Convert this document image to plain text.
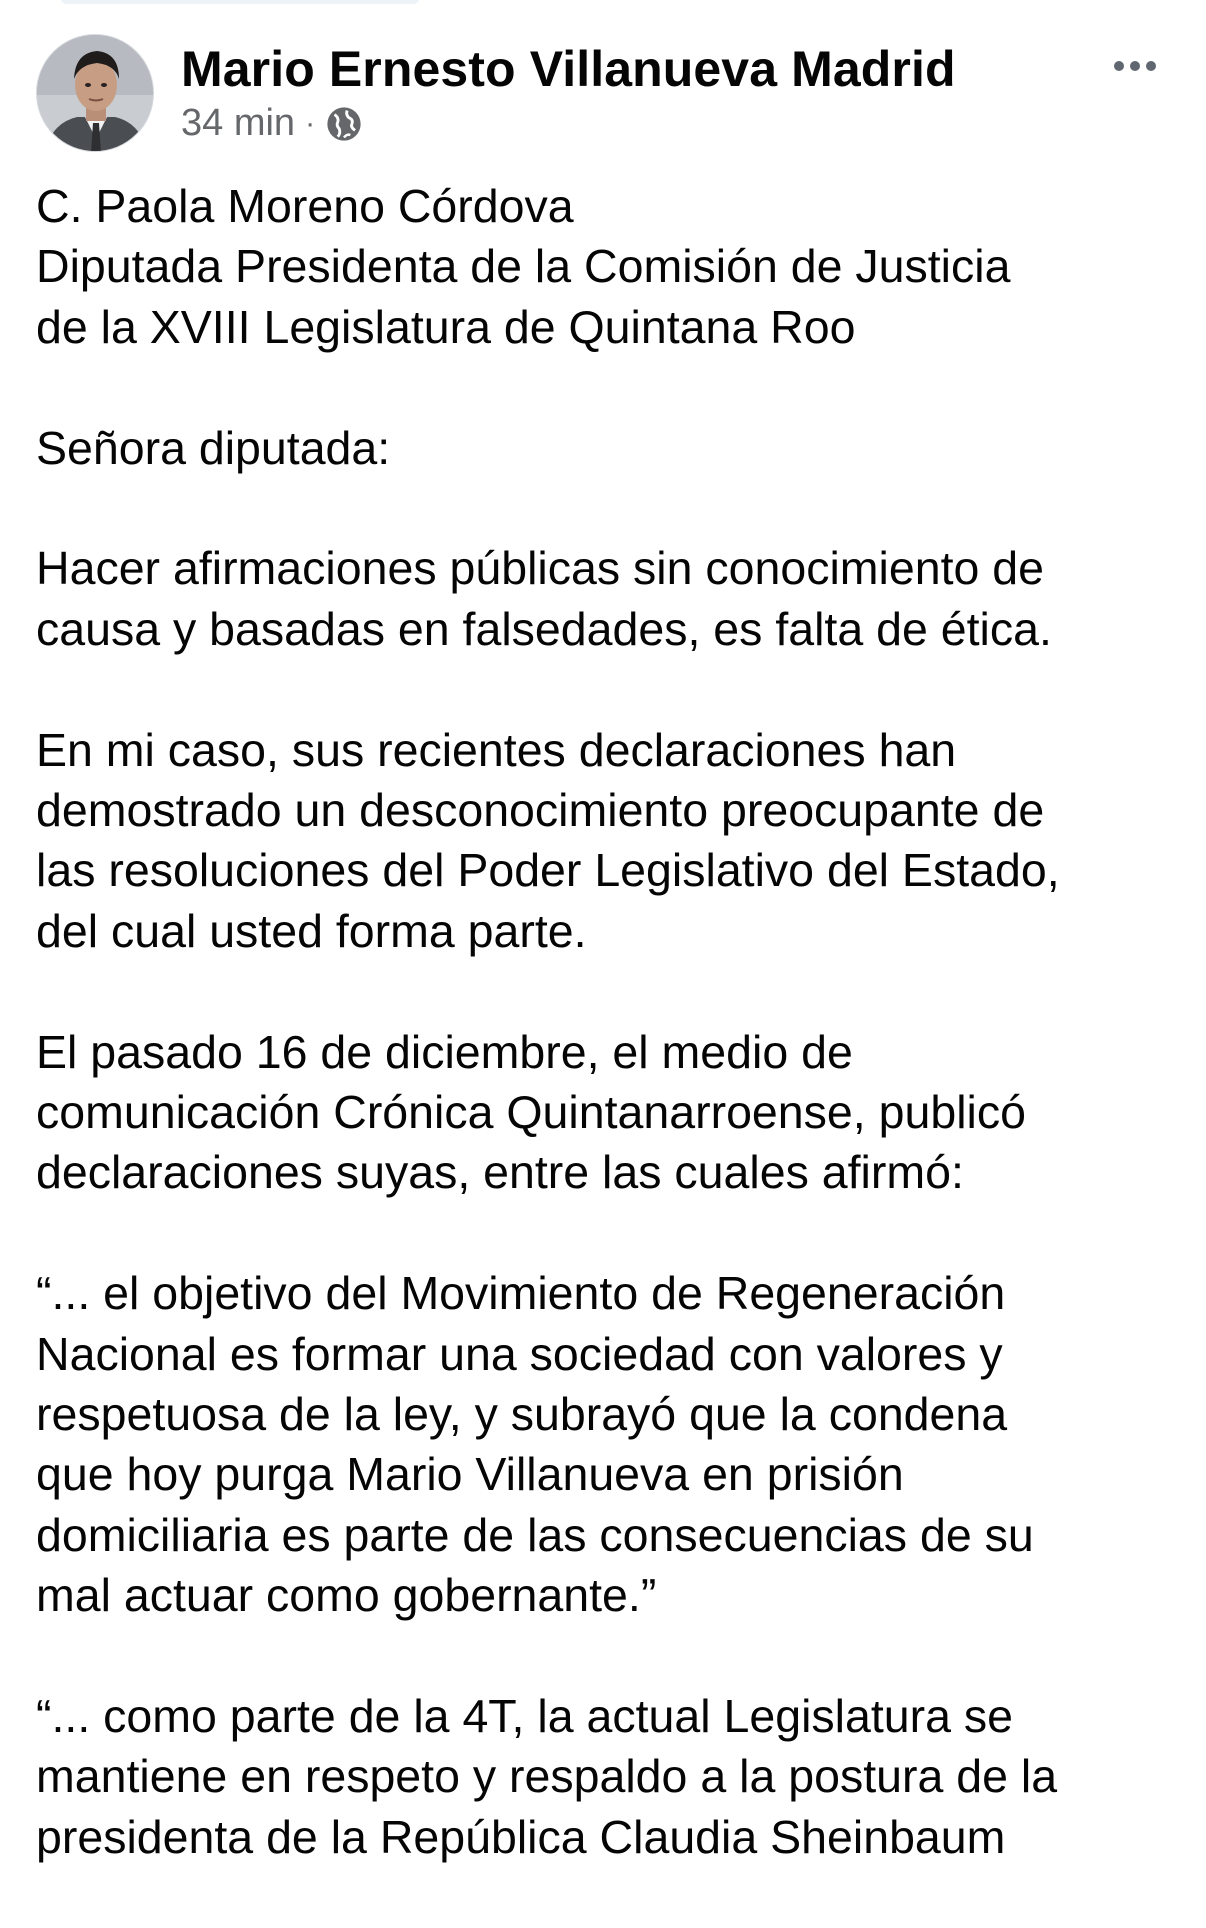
Mario Ernesto Villanueva Madrid
34 min ·

C. Paola Moreno Córdova
Diputada Presidenta de la Comisión de Justicia
de la XVIII Legislatura de Quintana Roo

Señora diputada:

Hacer afirmaciones públicas sin conocimiento de
causa y basadas en falsedades, es falta de ética.

En mi caso, sus recientes declaraciones han
demostrado un desconocimiento preocupante de
las resoluciones del Poder Legislativo del Estado,
del cual usted forma parte.

El pasado 16 de diciembre, el medio de
comunicación Crónica Quintanarroense, publicó
declaraciones suyas, entre las cuales afirmó:

“... el objetivo del Movimiento de Regeneración
Nacional es formar una sociedad con valores y
respetuosa de la ley, y subrayó que la condena
que hoy purga Mario Villanueva en prisión
domiciliaria es parte de las consecuencias de su
mal actuar como gobernante.”

“... como parte de la 4T, la actual Legislatura se
mantiene en respeto y respaldo a la postura de la
presidenta de la República Claudia Sheinbaum
